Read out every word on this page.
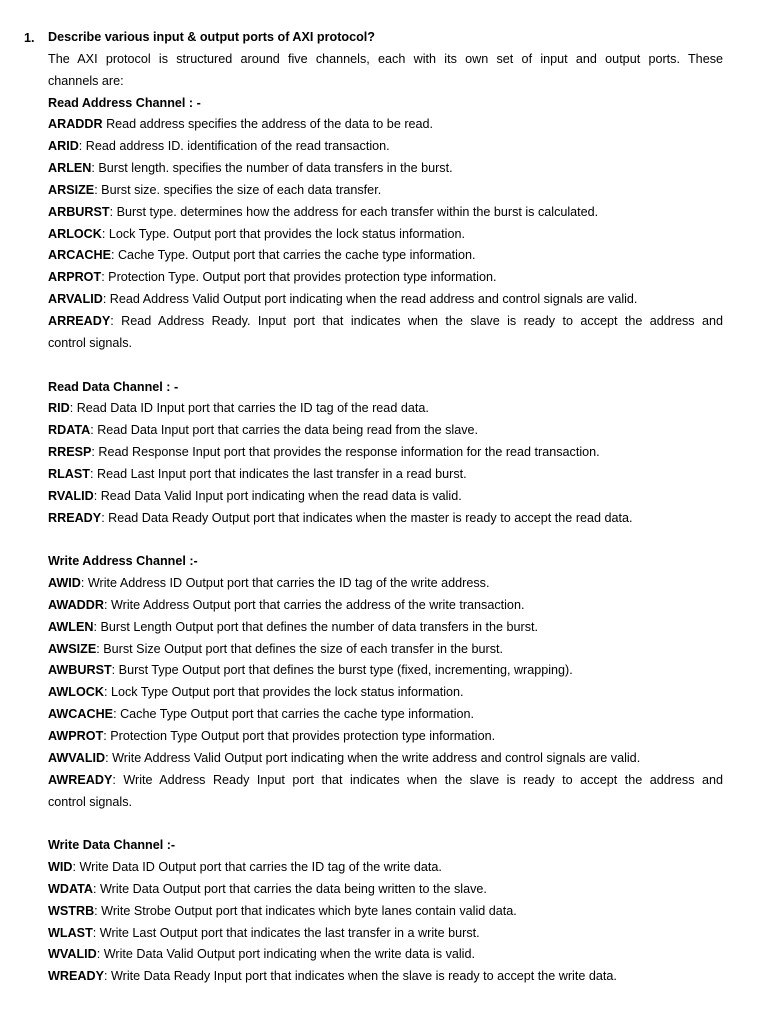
1. Describe various input & output ports of AXI protocol?
The AXI protocol is structured around five channels, each with its own set of input and output ports. These
channels are:
Read Address Channel : -
ARADDR Read address specifies the address of the data to be read.
ARID: Read address ID. identification of the read transaction.
ARLEN: Burst length. specifies the number of data transfers in the burst.
ARSIZE: Burst size. specifies the size of each data transfer.
ARBURST: Burst type. determines how the address for each transfer within the burst is calculated.
ARLOCK: Lock Type. Output port that provides the lock status information.
ARCACHE: Cache Type. Output port that carries the cache type information.
ARPROT: Protection Type. Output port that provides protection type information.
ARVALID: Read Address Valid Output port indicating when the read address and control signals are valid.
ARREADY: Read Address Ready. Input port that indicates when the slave is ready to accept the address and
control signals.
Read Data Channel : -
RID: Read Data ID Input port that carries the ID tag of the read data.
RDATA: Read Data Input port that carries the data being read from the slave.
RRESP: Read Response Input port that provides the response information for the read transaction.
RLAST: Read Last Input port that indicates the last transfer in a read burst.
RVALID: Read Data Valid Input port indicating when the read data is valid.
RREADY: Read Data Ready Output port that indicates when the master is ready to accept the read data.
Write Address Channel :-
AWID: Write Address ID Output port that carries the ID tag of the write address.
AWADDR: Write Address Output port that carries the address of the write transaction.
AWLEN: Burst Length Output port that defines the number of data transfers in the burst.
AWSIZE: Burst Size Output port that defines the size of each transfer in the burst.
AWBURST: Burst Type Output port that defines the burst type (fixed, incrementing, wrapping).
AWLOCK: Lock Type Output port that provides the lock status information.
AWCACHE: Cache Type Output port that carries the cache type information.
AWPROT: Protection Type Output port that provides protection type information.
AWVALID: Write Address Valid Output port indicating when the write address and control signals are valid.
AWREADY: Write Address Ready Input port that indicates when the slave is ready to accept the address and
control signals.
Write Data Channel :-
WID: Write Data ID Output port that carries the ID tag of the write data.
WDATA: Write Data Output port that carries the data being written to the slave.
WSTRB: Write Strobe Output port that indicates which byte lanes contain valid data.
WLAST: Write Last Output port that indicates the last transfer in a write burst.
WVALID: Write Data Valid Output port indicating when the write data is valid.
WREADY: Write Data Ready Input port that indicates when the slave is ready to accept the write data.
